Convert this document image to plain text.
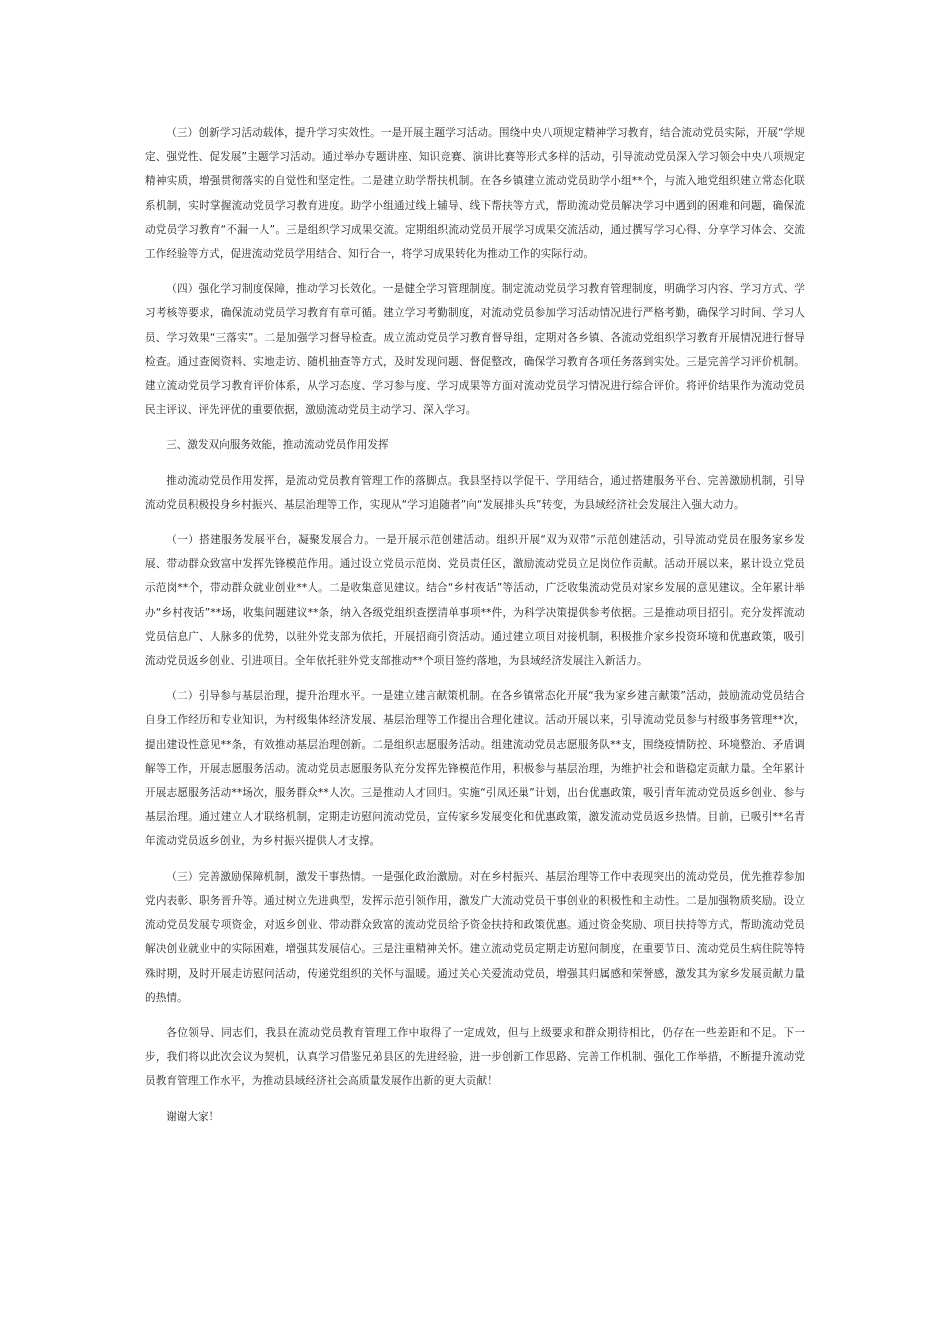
（三）创新学习活动载体，提升学习实效性。一是开展主题学习活动。围绕中央八项规定精神学习教育，结合流动党员实际，开展“学规定、强党性、促发展”主题学习活动。通过举办专题讲座、知识竞赛、演讲比赛等形式多样的活动，引导流动党员深入学习领会中央八项规定精神实质，增强贯彻落实的自觉性和坚定性。二是建立助学帮扶机制。在各乡镇建立流动党员助学小组**个，与流入地党组织建立常态化联系机制，实时掌握流动党员学习教育进度。助学小组通过线上辅导、线下帮扶等方式，帮助流动党员解决学习中遇到的困难和问题，确保流动党员学习教育“不漏一人”。三是组织学习成果交流。定期组织流动党员开展学习成果交流活动，通过撰写学习心得、分享学习体会、交流工作经验等方式，促进流动党员学用结合、知行合一，将学习成果转化为推动工作的实际行动。

（四）强化学习制度保障，推动学习长效化。一是健全学习管理制度。制定流动党员学习教育管理制度，明确学习内容、学习方式、学习考核等要求，确保流动党员学习教育有章可循。建立学习考勤制度，对流动党员参加学习活动情况进行严格考勤，确保学习时间、学习人员、学习效果“三落实”。二是加强学习督导检查。成立流动党员学习教育督导组，定期对各乡镇、各流动党组织学习教育开展情况进行督导检查。通过查阅资料、实地走访、随机抽查等方式，及时发现问题、督促整改，确保学习教育各项任务落到实处。三是完善学习评价机制。建立流动党员学习教育评价体系，从学习态度、学习参与度、学习成果等方面对流动党员学习情况进行综合评价。将评价结果作为流动党员民主评议、评先评优的重要依据，激励流动党员主动学习、深入学习。

三、激发双向服务效能，推动流动党员作用发挥

推动流动党员作用发挥，是流动党员教育管理工作的落脚点。我县坚持以学促干、学用结合，通过搭建服务平台、完善激励机制，引导流动党员积极投身乡村振兴、基层治理等工作，实现从“学习追随者”向“发展排头兵”转变，为县域经济社会发展注入强大动力。

（一）搭建服务发展平台，凝聚发展合力。一是开展示范创建活动。组织开展“双为双带”示范创建活动，引导流动党员在服务家乡发展、带动群众致富中发挥先锋模范作用。通过设立党员示范岗、党员责任区，激励流动党员立足岗位作贡献。活动开展以来，累计设立党员示范岗**个，带动群众就业创业**人。二是收集意见建议。结合“乡村夜话”等活动，广泛收集流动党员对家乡发展的意见建议。全年累计举办“乡村夜话”**场，收集问题建议**条，纳入各级党组织查摆清单事项**件，为科学决策提供参考依据。三是推动项目招引。充分发挥流动党员信息广、人脉多的优势，以驻外党支部为依托，开展招商引资活动。通过建立项目对接机制，积极推介家乡投资环境和优惠政策，吸引流动党员返乡创业、引进项目。全年依托驻外党支部推动**个项目签约落地，为县域经济发展注入新活力。

（二）引导参与基层治理，提升治理水平。一是建立建言献策机制。在各乡镇常态化开展“我为家乡建言献策”活动，鼓励流动党员结合自身工作经历和专业知识，为村级集体经济发展、基层治理等工作提出合理化建议。活动开展以来，引导流动党员参与村级事务管理**次，提出建设性意见**条，有效推动基层治理创新。二是组织志愿服务活动。组建流动党员志愿服务队**支，围绕疫情防控、环境整治、矛盾调解等工作，开展志愿服务活动。流动党员志愿服务队充分发挥先锋模范作用，积极参与基层治理，为维护社会和谐稳定贡献力量。全年累计开展志愿服务活动**场次，服务群众**人次。三是推动人才回归。实施“引凤还巢”计划，出台优惠政策，吸引青年流动党员返乡创业、参与基层治理。通过建立人才联络机制，定期走访慰问流动党员，宣传家乡发展变化和优惠政策，激发流动党员返乡热情。目前，已吸引**名青年流动党员返乡创业，为乡村振兴提供人才支撑。

（三）完善激励保障机制，激发干事热情。一是强化政治激励。对在乡村振兴、基层治理等工作中表现突出的流动党员，优先推荐参加党内表彰、职务晋升等。通过树立先进典型，发挥示范引领作用，激发广大流动党员干事创业的积极性和主动性。二是加强物质奖励。设立流动党员发展专项资金，对返乡创业、带动群众致富的流动党员给予资金扶持和政策优惠。通过资金奖励、项目扶持等方式，帮助流动党员解决创业就业中的实际困难，增强其发展信心。三是注重精神关怀。建立流动党员定期走访慰问制度，在重要节日、流动党员生病住院等特殊时期，及时开展走访慰问活动，传递党组织的关怀与温暖。通过关心关爱流动党员，增强其归属感和荣誉感，激发其为家乡发展贡献力量的热情。

各位领导、同志们，我县在流动党员教育管理工作中取得了一定成效，但与上级要求和群众期待相比，仍存在一些差距和不足。下一步，我们将以此次会议为契机，认真学习借鉴兄弟县区的先进经验，进一步创新工作思路、完善工作机制、强化工作举措，不断提升流动党员教育管理工作水平，为推动县域经济社会高质量发展作出新的更大贡献！

谢谢大家！
